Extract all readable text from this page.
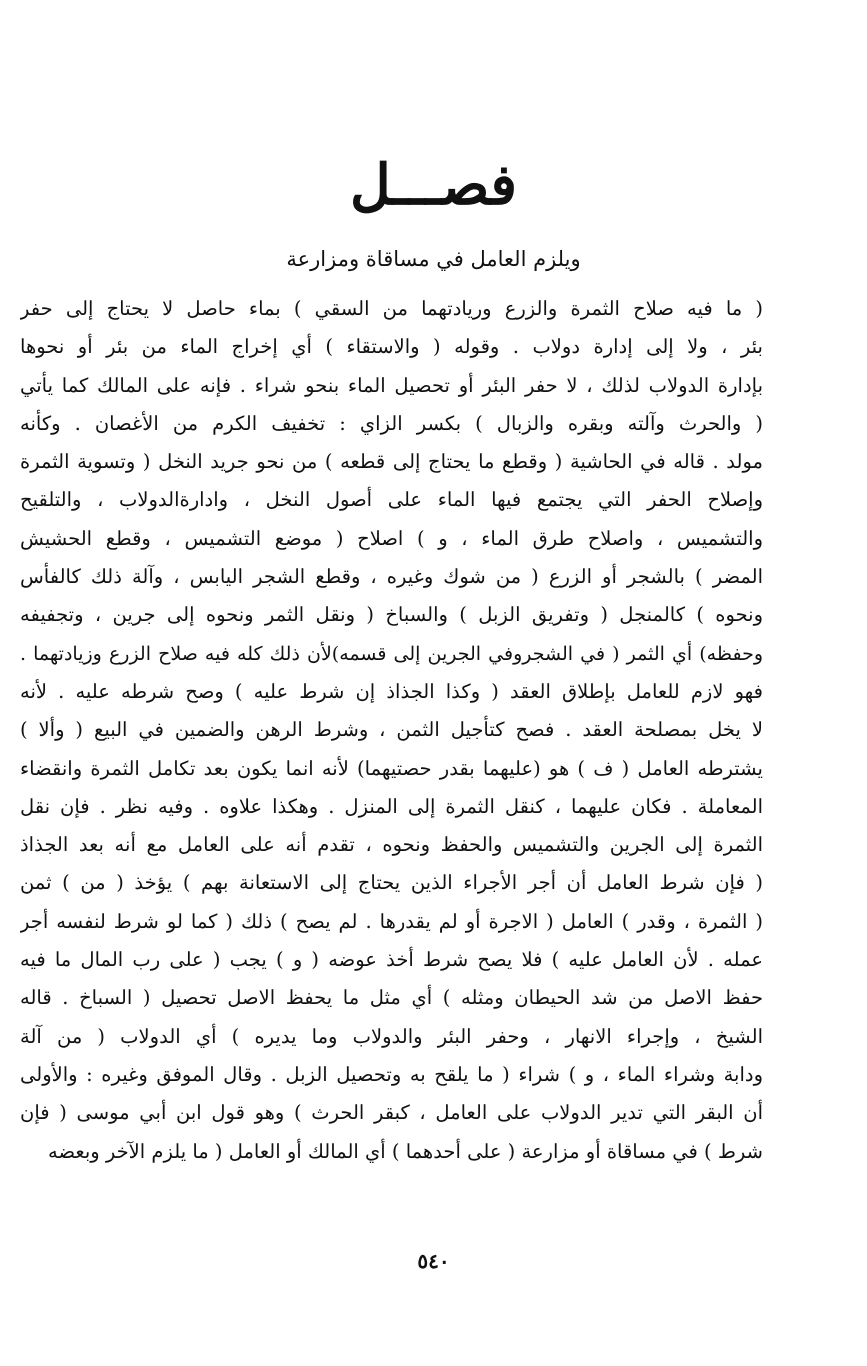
فصـــل
ويلزم العامل في مساقاة ومزارعة
( ما فيه صلاح الثمرة والزرع وريادتهما من السقي ) بماء حاصل لا يحتاج إلى حفر
بئر ، ولا إلى إدارة دولاب . وقوله ( والاستقاء ) أي إخراج الماء من بئر أو نحوها
بإدارة الدولاب لذلك ، لا حفر البئر أو تحصيل الماء بنحو شراء . فإنه على المالك كما يأتي
( والحرث وآلته وبقره والزبال ) بكسر الزاي : تخفيف الكرم من الأغصان . وكأنه
مولد . قاله في الحاشية ( وقطع ما يحتاج إلى قطعه ) من نحو جريد النخل ( وتسوية الثمرة
وإصلاح الحفر التي يجتمع فيها الماء على أصول النخل ، وادارةالدولاب ، والتلقيح
والتشميس ، واصلاح طرق الماء ، و ) اصلاح ( موضع التشميس ، وقطع الحشيش
المضر ) بالشجر أو الزرع ( من شوك وغيره ، وقطع الشجر اليابس ، وآلة ذلك كالفأس
ونحوه ) كالمنجل ( وتفريق الزبل ) والسباخ ( ونقل الثمر ونحوه إلى جرين ، وتجفيفه
وحفظه) أي الثمر ( في الشجروفي الجرين إلى قسمه)لأن ذلك كله فيه صلاح الزرع وزيادتهما .
فهو لازم للعامل بإطلاق العقد ( وكذا الجذاذ إن شرط عليه ) وصح شرطه عليه . لأنه
لا يخل بمصلحة العقد . فصح كتأجيل الثمن ، وشرط الرهن والضمين في البيع ( وألا )
يشترطه العامل ( ف ) هو (عليهما بقدر حصتيهما) لأنه انما يكون بعد تكامل الثمرة وانقضاء
المعاملة . فكان عليهما ، كنقل الثمرة إلى المنزل . وهكذا علاوه . وفيه نظر . فإن نقل
الثمرة إلى الجرين والتشميس والحفظ ونحوه ، تقدم أنه على العامل مع أنه بعد الجذاذ
( فإن شرط العامل أن أجر الأجراء الذين يحتاج إلى الاستعانة بهم ) يؤخذ ( من ) ثمن
( الثمرة ، وقدر ) العامل ( الاجرة أو لم يقدرها . لم يصح ) ذلك ( كما لو شرط لنفسه أجر
عمله . لأن العامل عليه ) فلا يصح شرط أخذ عوضه ( و ) يجب ( على رب المال ما فيه
حفظ الاصل من شد الحيطان ومثله ) أي مثل ما يحفظ الاصل تحصيل ( السباخ . قاله
الشيخ ، وإجراء الانهار ، وحفر البئر والدولاب وما يديره ) أي الدولاب ( من آلة
ودابة وشراء الماء ، و ) شراء ( ما يلقح به وتحصيل الزبل . وقال الموفق وغيره : والأولى
أن البقر التي تدير الدولاب على العامل ، كبقر الحرث ) وهو قول ابن أبي موسى ( فإن
شرط ) في مساقاة أو مزارعة ( على أحدهما ) أي المالك أو العامل ( ما يلزم الآخر وبعضه
٥٤٠
